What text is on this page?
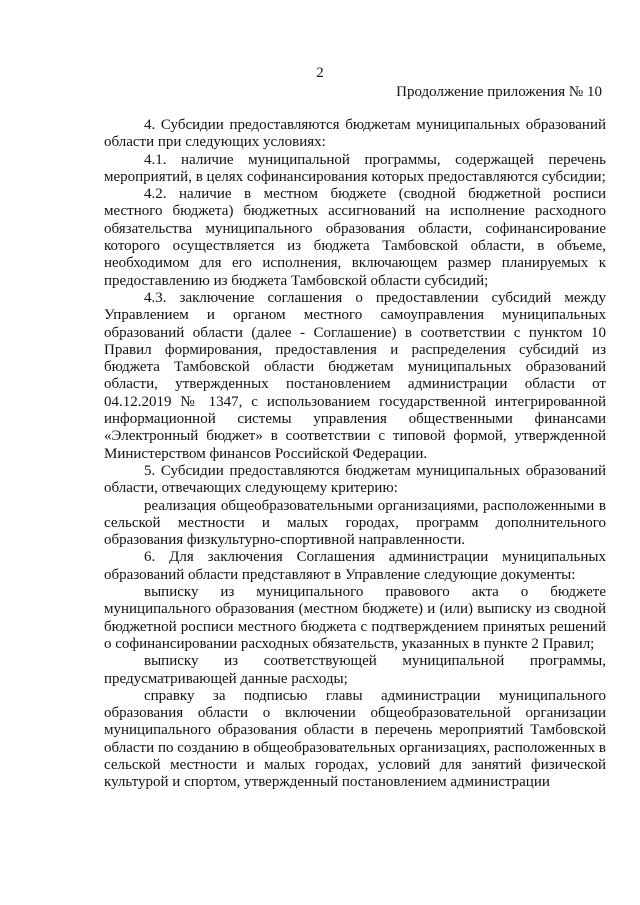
2
Продолжение приложения № 10

4. Субсидии предоставляются бюджетам муниципальных образований области при следующих условиях:

4.1. наличие муниципальной программы, содержащей перечень мероприятий, в целях софинансирования которых предоставляются субсидии;

4.2. наличие в местном бюджете (сводной бюджетной росписи местного бюджета) бюджетных ассигнований на исполнение расходного обязательства муниципального образования области, софинансирование которого осуществляется из бюджета Тамбовской области, в объеме, необходимом для его исполнения, включающем размер планируемых к предоставлению из бюджета Тамбовской области субсидий;

4.3. заключение соглашения о предоставлении субсидий между Управлением и органом местного самоуправления муниципальных образований области (далее - Соглашение) в соответствии с пунктом 10 Правил формирования, предоставления и распределения субсидий из бюджета Тамбовской области бюджетам муниципальных образований области, утвержденных постановлением администрации области от 04.12.2019 № 1347, с использованием государственной интегрированной информационной системы управления общественными финансами «Электронный бюджет» в соответствии с типовой формой, утвержденной Министерством финансов Российской Федерации.

5. Субсидии предоставляются бюджетам муниципальных образований области, отвечающих следующему критерию:

реализация общеобразовательными организациями, расположенными в сельской местности и малых городах, программ дополнительного образования физкультурно-спортивной направленности.

6. Для заключения Соглашения администрации муниципальных образований области представляют в Управление следующие документы:

выписку из муниципального правового акта о бюджете муниципального образования (местном бюджете) и (или) выписку из сводной бюджетной росписи местного бюджета с подтверждением принятых решений о софинансировании расходных обязательств, указанных в пункте 2 Правил;

выписку из соответствующей муниципальной программы, предусматривающей данные расходы;

справку за подписью главы администрации муниципального образования области о включении общеобразовательной организации муниципального образования области в перечень мероприятий Тамбовской области по созданию в общеобразовательных организациях, расположенных в сельской местности и малых городах, условий для занятий физической культурой и спортом, утвержденный постановлением администрации
